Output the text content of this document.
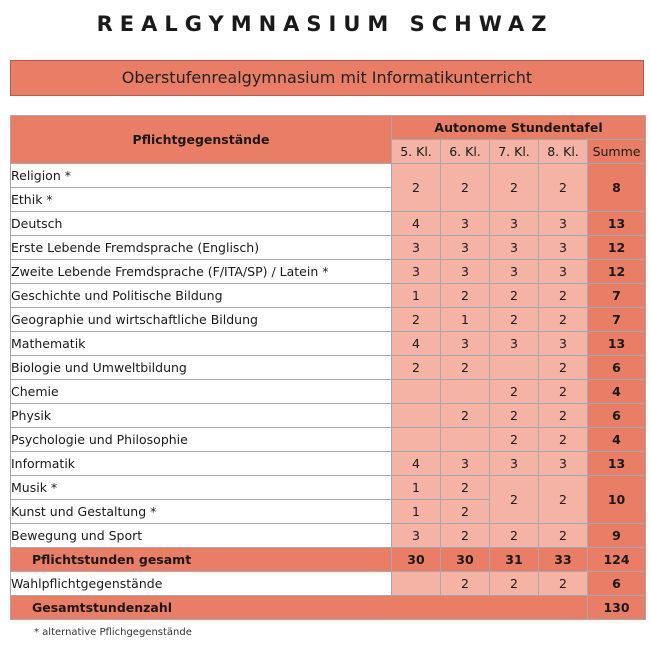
REALGYMNASIUM SCHWAZ
Oberstufenrealgymnasium mit Informatikunterricht
Pflichtgegenstände	Autonome Stundentafel				
	5. Kl.	6. Kl.	7. Kl.	8. Kl.	Summe
Religion *	2	2	2	2	8
Ethik *					
Deutsch	4	3	3	3	13
Erste Lebende Fremdsprache (Englisch)	3	3	3	3	12
Zweite Lebende Fremdsprache (F/ITA/SP) / Latein *	3	3	3	3	12
Geschichte und Politische Bildung	1	2	2	2	7
Geographie und wirtschaftliche Bildung	2	1	2	2	7
Mathematik	4	3	3	3	13
Biologie und Umweltbildung	2	2		2	6
Chemie			2	2	4
Physik		2	2	2	6
Psychologie und Philosophie			2	2	4
Informatik	4	3	3	3	13
Musik *	1	2	2	2	10
Kunst und Gestaltung *	1	2			
Bewegung und Sport	3	2	2	2	9
Pflichtstunden gesamt	30	30	31	33	124
Wahlpflichtgegenstände		2	2	2	6
Gesamtstundenzahl					130
* alternative Pflichgegenstände
